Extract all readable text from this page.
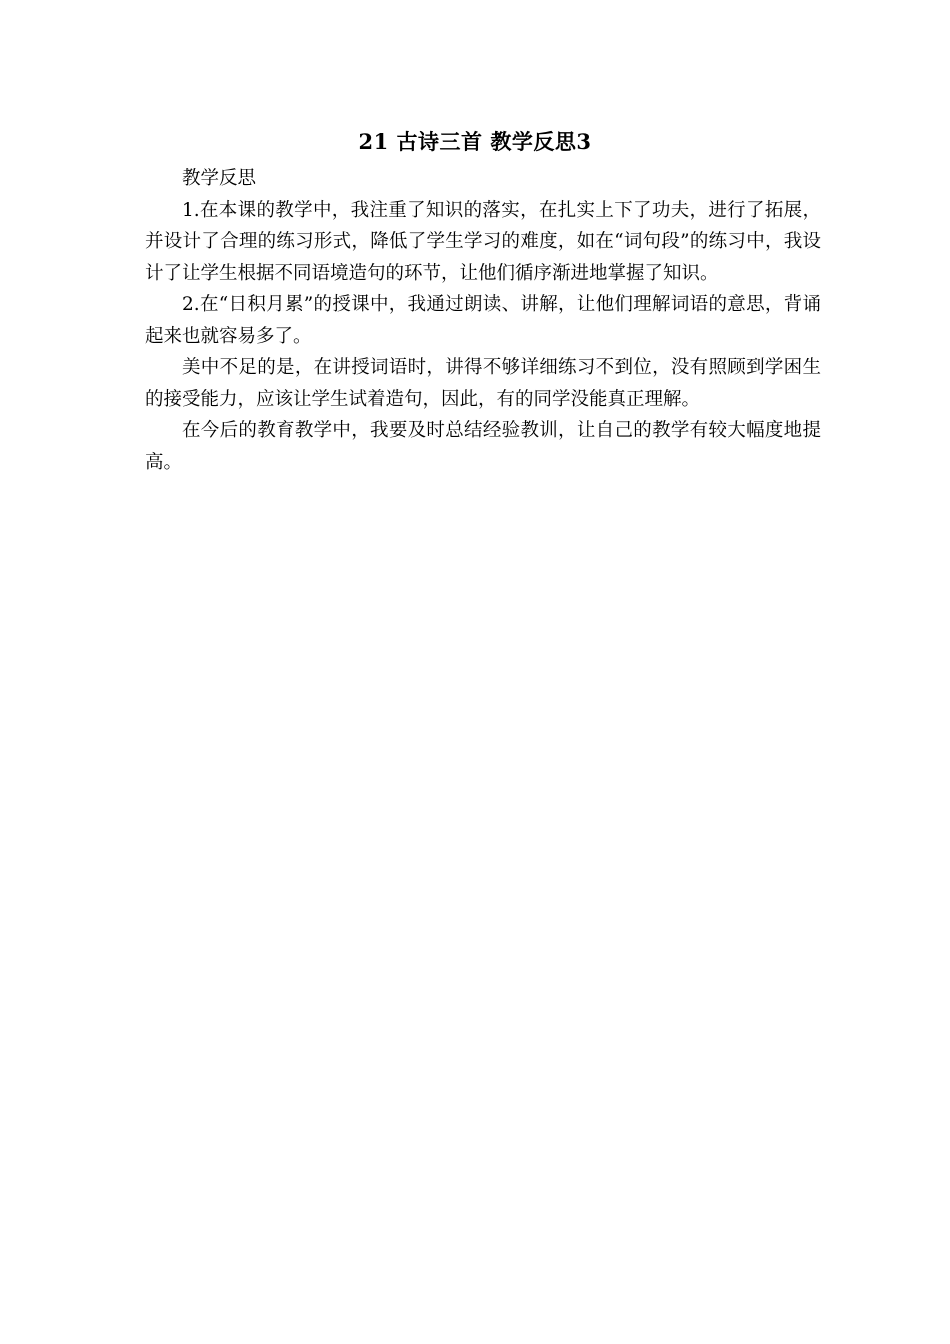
21 古诗三首 教学反思3

教学反思

1.在本课的教学中，我注重了知识的落实，在扎实上下了功夫，进行了拓展，并设计了合理的练习形式，降低了学生学习的难度，如在“词句段”的练习中，我设计了让学生根据不同语境造句的环节，让他们循序渐进地掌握了知识。

2.在“日积月累”的授课中，我通过朗读、讲解，让他们理解词语的意思，背诵起来也就容易多了。

美中不足的是，在讲授词语时，讲得不够详细练习不到位，没有照顾到学困生的接受能力，应该让学生试着造句，因此，有的同学没能真正理解。

在今后的教育教学中，我要及时总结经验教训，让自己的教学有较大幅度地提高。
